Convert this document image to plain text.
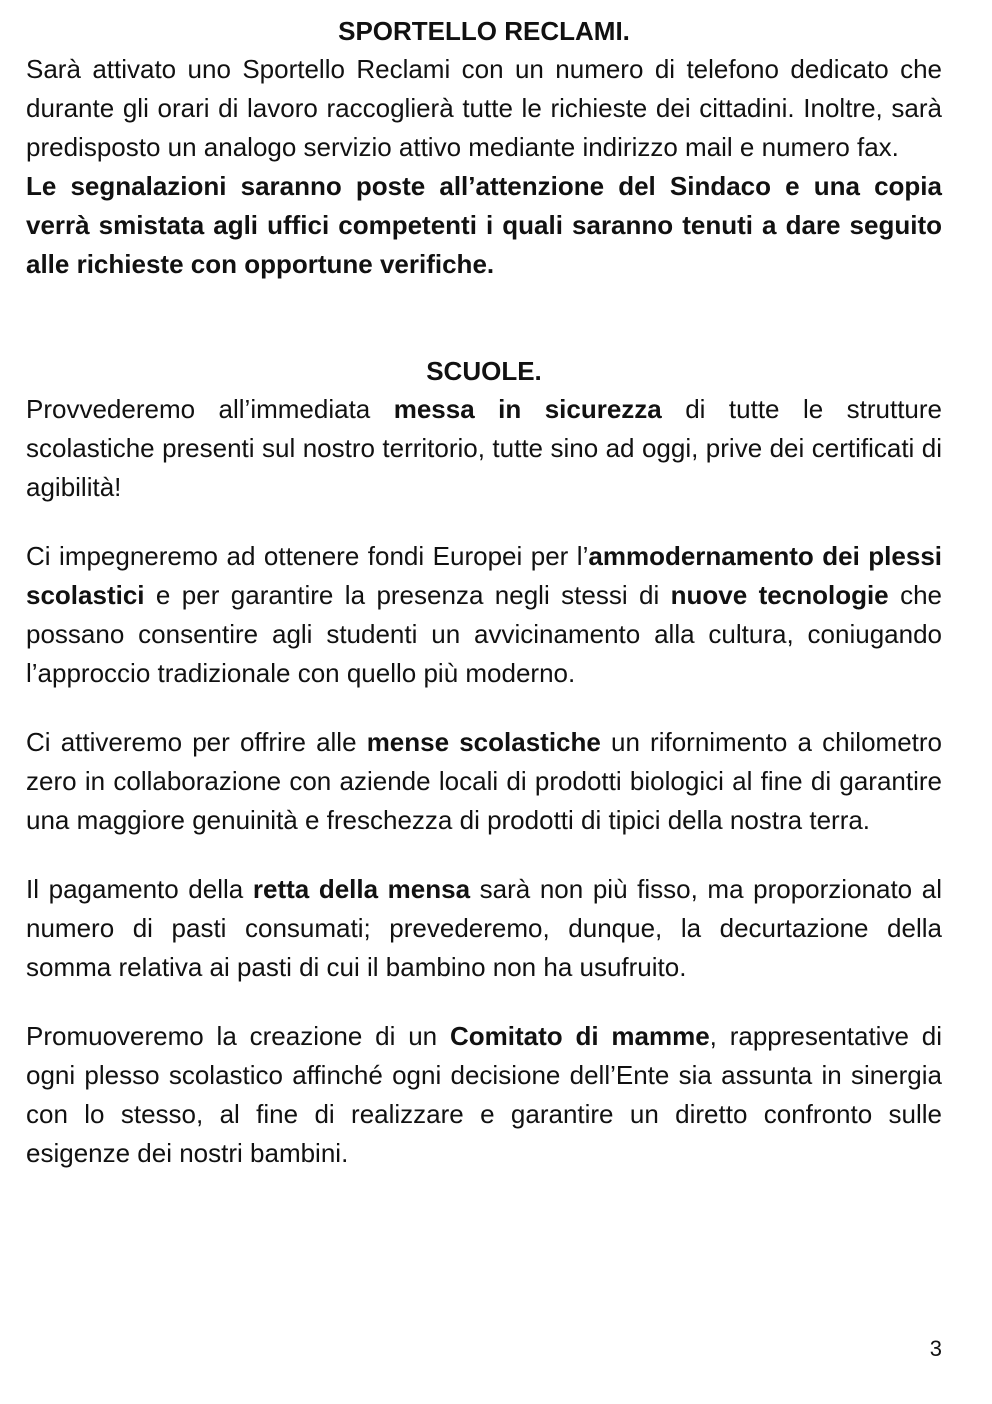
SPORTELLO RECLAMI.

Sarà attivato uno Sportello Reclami con un numero di telefono dedicato che durante gli orari di lavoro raccoglierà tutte le richieste dei cittadini. Inoltre, sarà predisposto un analogo servizio attivo mediante indirizzo mail e numero fax.

Le segnalazioni saranno poste all’attenzione del Sindaco e una copia verrà smistata agli uffici competenti i quali saranno tenuti a dare seguito alle richieste con opportune verifiche.

SCUOLE.

Provvederemo all’immediata messa in sicurezza di tutte le strutture scolastiche presenti sul nostro territorio, tutte sino ad oggi, prive dei certificati di agibilità!

Ci impegneremo ad ottenere fondi Europei per l’ammodernamento dei plessi scolastici e per garantire la presenza negli stessi di nuove tecnologie che possano consentire agli studenti un avvicinamento alla cultura, coniugando l’approccio tradizionale con quello più moderno.

Ci attiveremo per offrire alle mense scolastiche un rifornimento a chilometro zero in collaborazione con aziende locali di prodotti biologici al fine di garantire una maggiore genuinità e freschezza di prodotti di tipici della nostra terra.

Il pagamento della retta della mensa sarà non più fisso, ma proporzionato al numero di pasti consumati; prevederemo, dunque, la decurtazione della somma relativa ai pasti di cui il bambino non ha usufruito.

Promuoveremo la creazione di un Comitato di mamme, rappresentative di ogni plesso scolastico affinché ogni decisione dell’Ente sia assunta in sinergia con lo stesso, al fine di realizzare e garantire un diretto confronto sulle esigenze dei nostri bambini.

3
